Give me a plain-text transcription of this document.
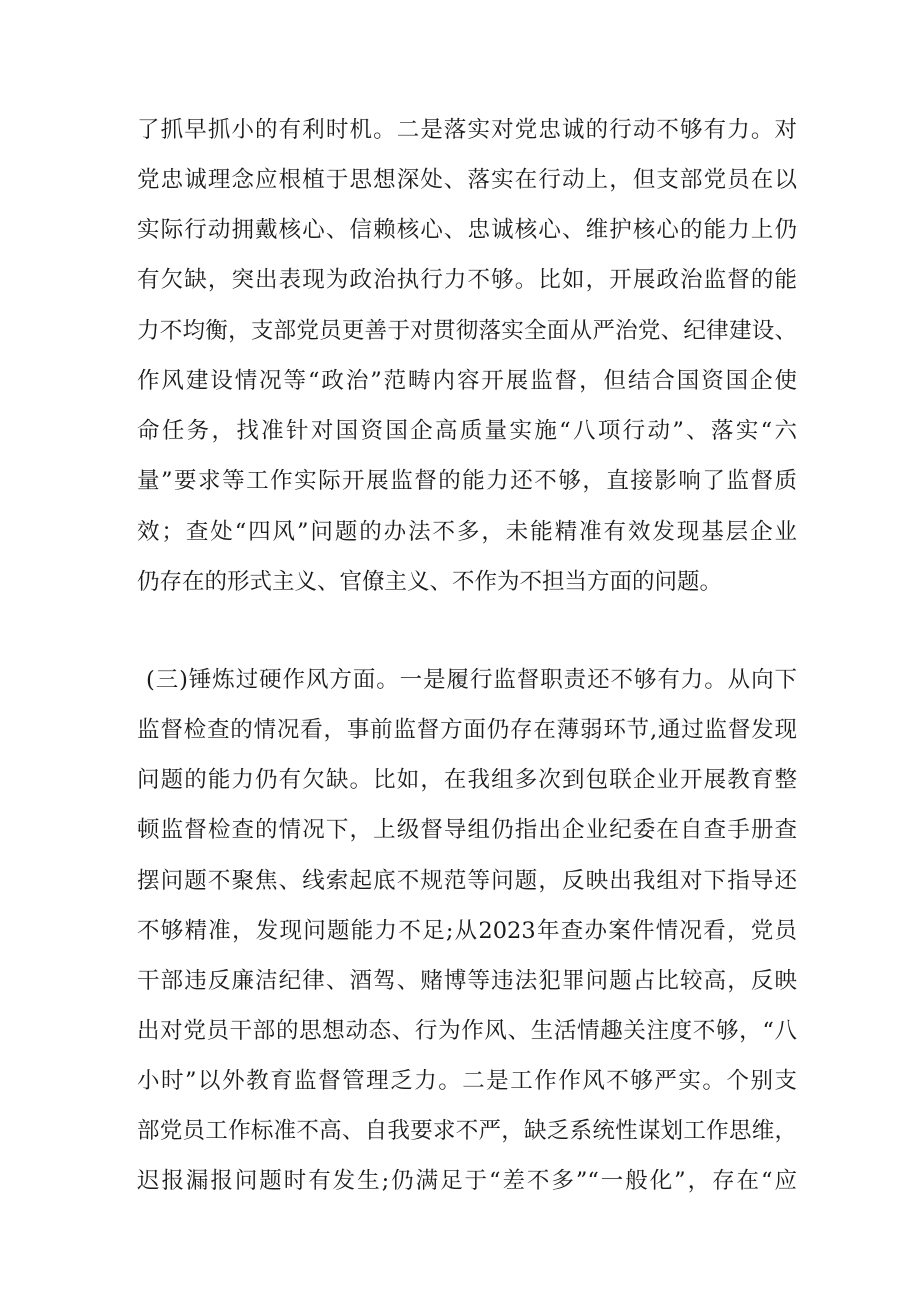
了抓早抓小的有利时机。二是落实对党忠诚的行动不够有力。对
党忠诚理念应根植于思想深处、落实在行动上，但支部党员在以
实际行动拥戴核心、信赖核心、忠诚核心、维护核心的能力上仍
有欠缺，突出表现为政治执行力不够。比如，开展政治监督的能
力不均衡，支部党员更善于对贯彻落实全面从严治党、纪律建设、
作风建设情况等“政治”范畴内容开展监督，但结合国资国企使
命任务，找准针对国资国企高质量实施“八项行动”、落实“六
量”要求等工作实际开展监督的能力还不够，直接影响了监督质
效；查处“四风”问题的办法不多，未能精准有效发现基层企业
仍存在的形式主义、官僚主义、不作为不担当方面的问题。
(三)锤炼过硬作风方面。一是履行监督职责还不够有力。从向下
监督检查的情况看，事前监督方面仍存在薄弱环节,通过监督发现
问题的能力仍有欠缺。比如，在我组多次到包联企业开展教育整
顿监督检查的情况下，上级督导组仍指出企业纪委在自查手册查
摆问题不聚焦、线索起底不规范等问题，反映出我组对下指导还
不够精准，发现问题能力不足;从2023年查办案件情况看，党员
干部违反廉洁纪律、酒驾、赌博等违法犯罪问题占比较高，反映
出对党员干部的思想动态、行为作风、生活情趣关注度不够，“八
小时”以外教育监督管理乏力。二是工作作风不够严实。个别支
部党员工作标准不高、自我要求不严，缺乏系统性谋划工作思维，
迟报漏报问题时有发生;仍满足于“差不多”“一般化”，存在“应
